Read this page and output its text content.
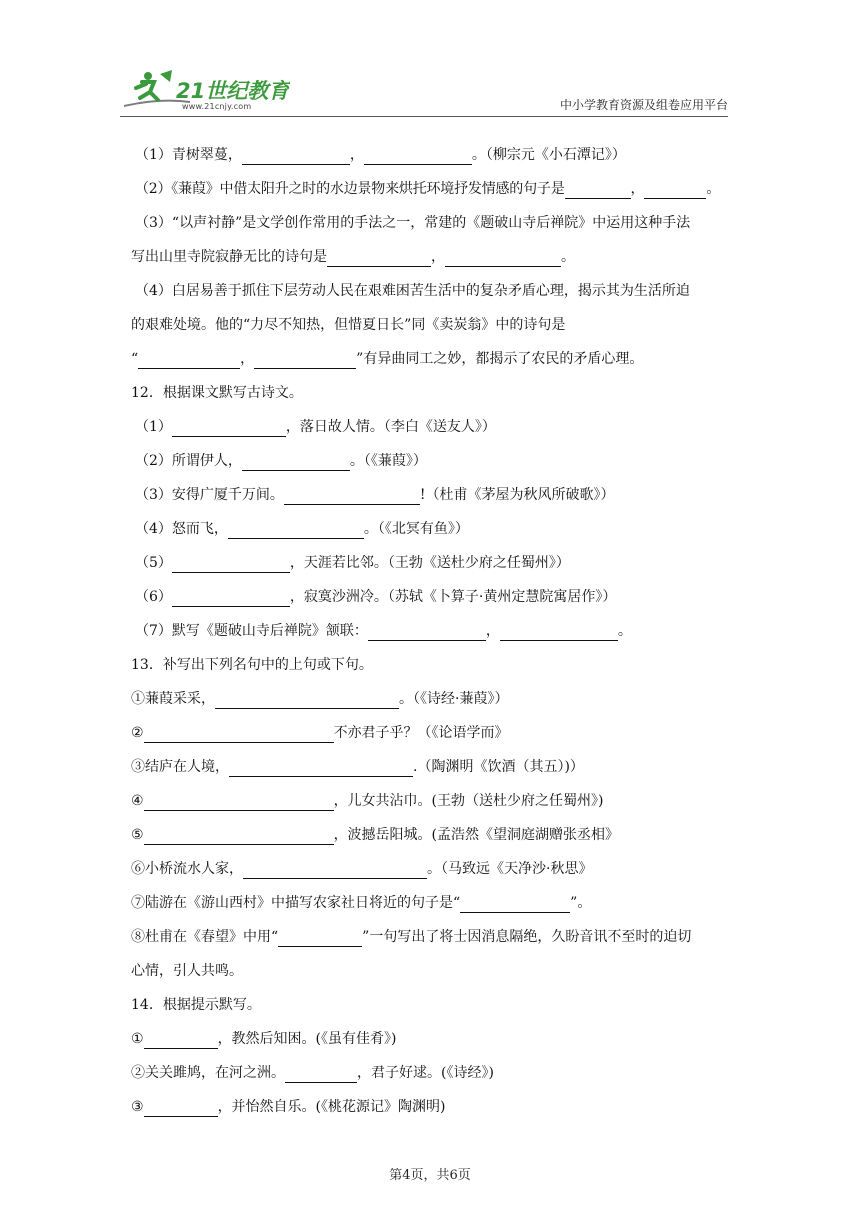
21世纪教育
www.21cnjy.com	中小学教育资源及组卷应用平台
（1）青树翠蔓，	，	。（柳宗元《小石潭记》）
（2）《蒹葭》中借太阳升之时的水边景物来烘托环境抒发情感的句子是	，	。
（3）“以声衬静”是文学创作常用的手法之一，常建的《题破山寺后禅院》中运用这种手法
写出山里寺院寂静无比的诗句是	，	。
（4）白居易善于抓住下层劳动人民在艰难困苦生活中的复杂矛盾心理，揭示其为生活所迫
的艰难处境。他的“力尽不知热，但惜夏日长”同《卖炭翁》中的诗句是
“	，	”有异曲同工之妙，都揭示了农民的矛盾心理。
12．根据课文默写古诗文。
（1）	，落日故人情。（李白《送友人》）
（2）所谓伊人，	。（《蒹葭》）
（3）安得广厦千万间。	!（杜甫《茅屋为秋风所破歌》）
（4）怒而飞，	。（《北冥有鱼》）
（5）	，天涯若比邻。（王勃《送杜少府之任蜀州》）
（6）	，寂寞沙洲冷。（苏轼《卜算子·黄州定慧院寓居作》）
（7）默写《题破山寺后禅院》颔联：	，	。
13．补写出下列名句中的上句或下句。
①蒹葭采采，	。（《诗经·蒹葭》）
②	不亦君子乎？（《论语学而》
③结庐在人境，	.（陶渊明《饮酒（其五）)）
④	，儿女共沾巾。(王勃（送杜少府之任蜀州》)
⑤	，波撼岳阳城。(孟浩然《望洞庭湖赠张丞相》
⑥小桥流水人家，	。（马致远《天净沙·秋思》
⑦陆游在《游山西村》中描写农家社日将近的句子是“	”。
⑧杜甫在《春望》中用“	”一句写出了将士因消息隔绝，久盼音讯不至时的迫切
心情，引人共鸣。
14．根据提示默写。
①	，教然后知困。(《虽有佳肴》)
②关关雎鸠，在河之洲。	，君子好逑。(《诗经》)
③	，并怡然自乐。(《桃花源记》陶渊明)
第4页，共6页
